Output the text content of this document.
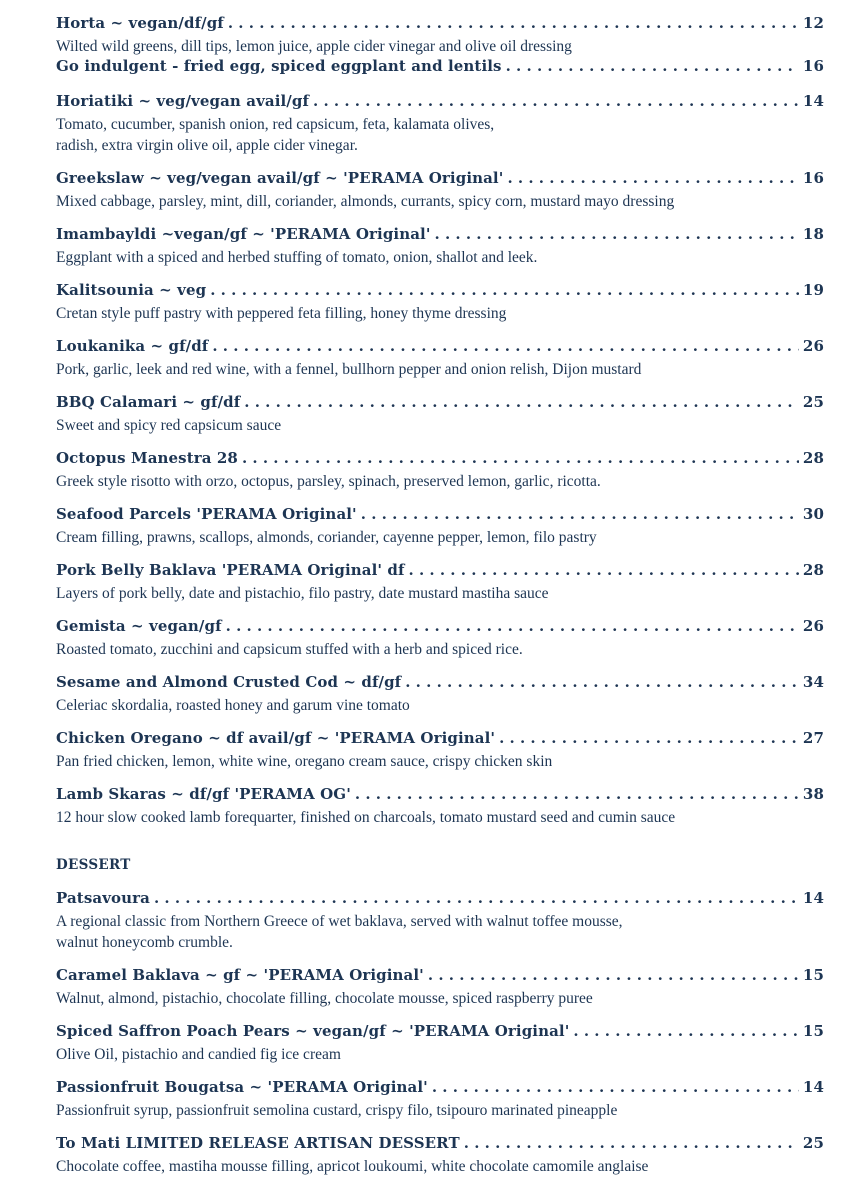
Horta ~ vegan/df/gf . . .	12
Wilted wild greens, dill tips, lemon juice, apple cider vinegar and olive oil dressing
Go indulgent - fried egg, spiced eggplant and lentils . . .	16
Horiatiki ~ veg/vegan avail/gf . . .	14
Tomato, cucumber, spanish onion, red capsicum, feta, kalamata olives,
radish, extra virgin olive oil, apple cider vinegar.
Greekslaw ~ veg/vegan avail/gf ~ 'PERAMA Original' . . .	16
Mixed cabbage, parsley, mint, dill, coriander, almonds, currants, spicy corn, mustard mayo dressing
Imambayldi ~vegan/gf ~ 'PERAMA Original' . . .	18
Eggplant with a spiced and herbed stuffing of tomato, onion, shallot and leek.
Kalitsounia ~ veg . . .	19
Cretan style puff pastry with peppered feta filling, honey thyme dressing
Loukanika ~ gf/df . . .	26
Pork, garlic, leek and red wine, with a fennel, bullhorn pepper and onion relish, Dijon mustard
BBQ Calamari ~ gf/df . . .	25
Sweet and spicy red capsicum sauce
Octopus Manestra 28 . . .	28
Greek style risotto with orzo, octopus, parsley, spinach, preserved lemon, garlic, ricotta.
Seafood Parcels 'PERAMA Original' . . .	30
Cream filling, prawns, scallops, almonds, coriander, cayenne pepper, lemon, filo pastry
Pork Belly Baklava 'PERAMA Original' df . . .	28
Layers of pork belly, date and pistachio, filo pastry, date mustard mastiha sauce
Gemista ~ vegan/gf . . .	26
Roasted tomato, zucchini and capsicum stuffed with a herb and spiced rice.
Sesame and Almond Crusted Cod ~ df/gf . . .	34
Celeriac skordalia, roasted honey and garum vine tomato
Chicken Oregano ~ df avail/gf ~ 'PERAMA Original' . . .	27
Pan fried chicken, lemon, white wine, oregano cream sauce, crispy chicken skin
Lamb Skaras ~ df/gf 'PERAMA OG' . . .	38
12 hour slow cooked lamb forequarter, finished on charcoals, tomato mustard seed and cumin sauce
DESSERT
Patsavoura . . .	14
A regional classic from Northern Greece of wet baklava, served with walnut toffee mousse,
walnut honeycomb crumble.
Caramel Baklava ~ gf ~ 'PERAMA Original' . . .	15
Walnut, almond, pistachio, chocolate filling, chocolate mousse, spiced raspberry puree
Spiced Saffron Poach Pears ~ vegan/gf ~ 'PERAMA Original' . . .	15
Olive Oil, pistachio and candied fig ice cream
Passionfruit Bougatsa ~ 'PERAMA Original' . . .	14
Passionfruit syrup, passionfruit semolina custard, crispy filo, tsipouro marinated pineapple
To Mati LIMITED RELEASE ARTISAN DESSERT . . .	25
Chocolate coffee, mastiha mousse filling, apricot loukoumi, white chocolate camomile anglaise
